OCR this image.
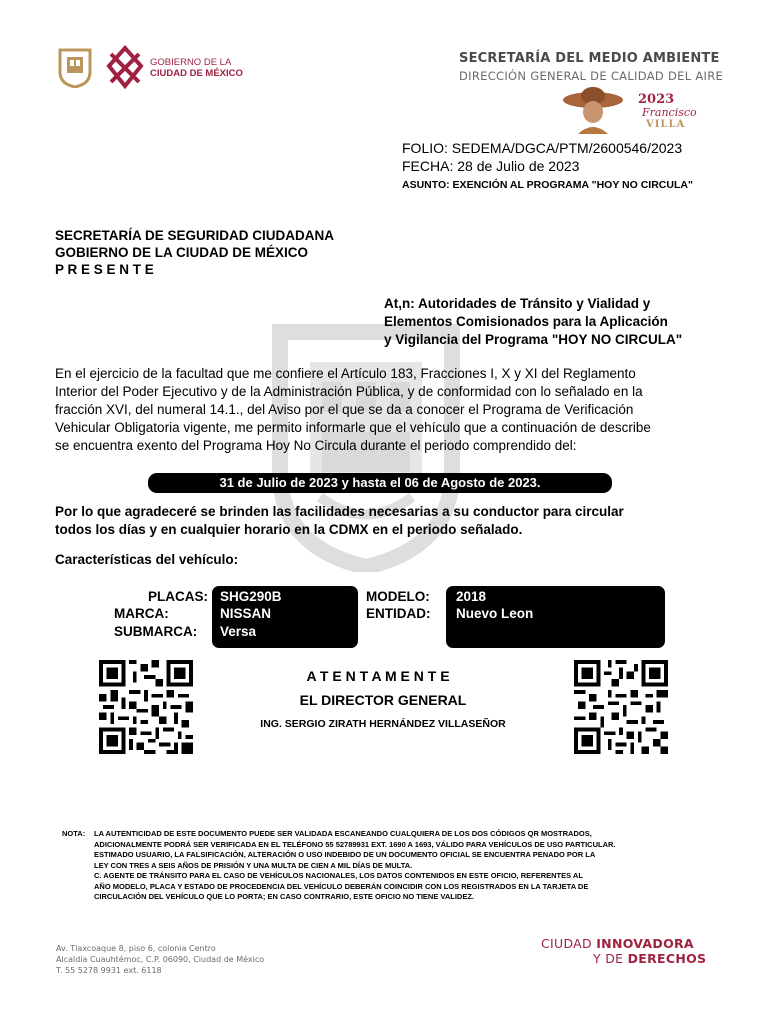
GOBIERNO DE LA
CIUDAD DE MÉXICO
SECRETARÍA DEL MEDIO AMBIENTE
DIRECCIÓN GENERAL DE CALIDAD DEL AIRE
2023
Francisco
VILLA
FOLIO: SEDEMA/DGCA/PTM/2600546/2023
FECHA: 28 de Julio de 2023
ASUNTO: EXENCIÓN AL PROGRAMA "HOY NO CIRCULA"
SECRETARÍA DE SEGURIDAD CIUDADANA
GOBIERNO DE LA CIUDAD DE MÉXICO
P R E S E N T E
At,n: Autoridades de Tránsito y Vialidad y
Elementos Comisionados para la Aplicación
y Vigilancia del Programa "HOY NO CIRCULA"
En el ejercicio de la facultad que me confiere el Artículo 183, Fracciones I, X y XI del Reglamento
Interior del Poder Ejecutivo y de la Administración Pública, y de conformidad con lo señalado en la
fracción XVI, del numeral 14.1., del Aviso por el que se da a conocer el Programa de Verificación
Vehicular Obligatoria vigente, me permito informarle que el vehículo que a continuación de describe
se encuentra exento del Programa Hoy No Circula durante el periodo comprendido del:
31 de Julio de 2023 y hasta el 06 de Agosto de 2023.
Por lo que agradeceré se brinden las facilidades necesarias a su conductor para circular
todos los días y en cualquier horario en la CDMX en el periodo señalado.
Características del vehículo:
PLACAS:
MARCA:
SUBMARCA:
MODELO:
ENTIDAD:
SHG290B
NISSAN
Versa
2018
Nuevo Leon
A T E N T A M E N T E
EL DIRECTOR GENERAL
ING. SERGIO ZIRATH HERNÁNDEZ VILLASEÑOR
NOTA: LA AUTENTICIDAD DE ESTE DOCUMENTO PUEDE SER VALIDADA ESCANEANDO CUALQUIERA DE LOS DOS CÓDIGOS QR MOSTRADOS,
ADICIONALMENTE PODRÁ SER VERIFICADA EN EL TELÉFONO 55 52789931 EXT. 1690 A 1693, VÁLIDO PARA VEHÍCULOS DE USO PARTICULAR.
ESTIMADO USUARIO, LA FALSIFICACIÓN, ALTERACIÓN O USO INDEBIDO DE UN DOCUMENTO OFICIAL SE ENCUENTRA PENADO POR LA
LEY CON TRES A SEIS AÑOS DE PRISIÓN Y UNA MULTA DE CIEN A MIL DÍAS DE MULTA.
C. AGENTE DE TRÁNSITO PARA EL CASO DE VEHÍCULOS NACIONALES, LOS DATOS CONTENIDOS EN ESTE OFICIO, REFERENTES AL
AÑO MODELO, PLACA Y ESTADO DE PROCEDENCIA DEL VEHÍCULO DEBERÁN COINCIDIR CON LOS REGISTRADOS EN LA TARJETA DE
CIRCULACIÓN DEL VEHÍCULO QUE LO PORTA; EN CASO CONTRARIO, ESTE OFICIO NO TIENE VALIDEZ.
Av. Tlaxcoaque 8, piso 6, colonia Centro
Alcaldía Cuauhtémoc, C.P. 06090, Ciudad de México
T. 55 5278 9931 ext. 6118
CIUDAD INNOVADORA
Y DE DERECHOS
